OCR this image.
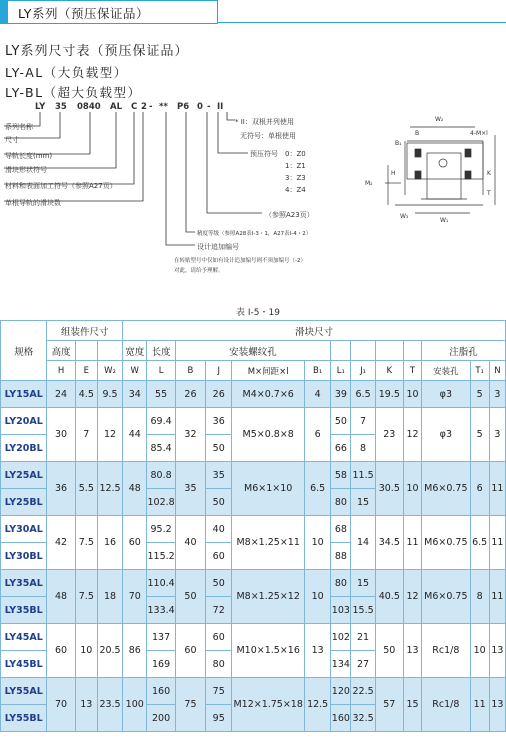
LY系列（预压保证品）
LY系列尺寸表（预压保证品）
LY-AL（大负载型）
LY-BL（超大负载型）
LY 35 0840 AL C 2 - ** P6 0 - II
系列名称
尺寸
导轨长度(mm)
滑块形状符号
材料和表面加工符号（参照A27页）
单根导轨的滑块数
* II：双根并列使用
无符号：单根使用
预压符号 0：Z0
1：Z1
3：Z3
4：Z4
（参照A23页）
精度等级（参照A28表Ⅰ-3・1，A27表Ⅰ-4・2）
设计追加编号
在转贴型号中仅如有设计追加编号则不须加编号（-2）
对此，请给予理解。
W₂
4-M×l
B
B₁
M₂
H	K
T
W₃
W₁
表 Ⅰ-5・19
规格	组装件尺寸			滑块尺寸												
	高度			宽度	长度	安装螺纹孔								注脂孔		
	H	E	W₂	W	L	B	J	M×间距×l	B₁	L₁	J₁	K	T	安装孔	T₁	N
LY15AL	24	4.5	9.5	34	55	26	26	M4×0.7×6	4	39	6.5	19.5	10	φ3	5	3
LY20AL	30	7	12	44	69.4	32	36	M5×0.8×8	6	50	7	23	12	φ3	5	3
LY20BL					85.4		50			66	8					
LY25AL	36	5.5	12.5	48	80.8	35	35	M6×1×10	6.5	58	11.5	30.5	10	M6×0.75	6	11
LY25BL					102.8		50			80	15					
LY30AL	42	7.5	16	60	95.2	40	40	M8×1.25×11	10	68	14	34.5	11	M6×0.75	6.5	11
LY30BL					115.2		60			88						
LY35AL	48	7.5	18	70	110.4	50	50	M8×1.25×12	10	80	15	40.5	12	M6×0.75	8	11
LY35BL					133.4		72			103	15.5					
LY45AL	60	10	20.5	86	137	60	60	M10×1.5×16	13	102	21	50	13	Rc1/8	10	13
LY45BL					169		80			134	27					
LY55AL	70	13	23.5	100	160	75	75	M12×1.75×18	12.5	120	22.5	57	15	Rc1/8	11	13
LY55BL					200		95			160	32.5					
